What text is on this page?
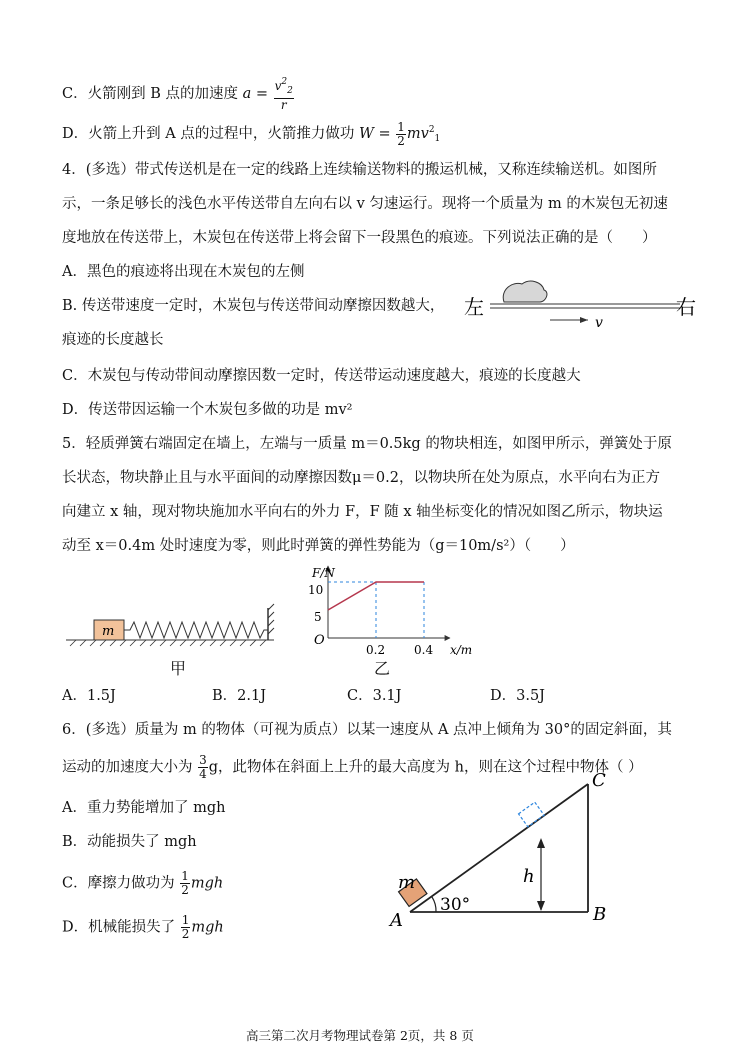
C．火箭刚到 B 点的加速度 $a = \frac{v^2_2}{r}$
D．火箭上升到 A 点的过程中，火箭推力做功 $W = \frac{1}{2} mv^2_1$
4．(多选）带式传送机是在一定的线路上连续输送物料的搬运机械，又称连续输送机。如图所
示，一条足够长的浅色水平传送带自左向右以 v 匀速运行。现将一个质量为 m 的木炭包无初速
度地放在传送带上，木炭包在传送带上将会留下一段黑色的痕迹。下列说法正确的是（　　）
A．黑色的痕迹将出现在木炭包的左侧
B. 传送带速度一定时，木炭包与传送带间动摩擦因数越大，
痕迹的长度越长
C．木炭包与传动带间动摩擦因数一定时，传送带运动速度越大，痕迹的长度越大
D．传送带因运输一个木炭包多做的功是 mv²
左	右
v
5．轻质弹簧右端固定在墙上，左端与一质量 m＝0.5kg 的物块相连，如图甲所示，弹簧处于原
长状态，物块静止且与水平面间的动摩擦因数μ＝0.2，以物块所在处为原点，水平向右为正方
向建立 x 轴，现对物块施加水平向右的外力 F，F 随 x 轴坐标变化的情况如图乙所示，物块运
动至 x＝0.4m 处时速度为零，则此时弹簧的弹性势能为（g＝10m/s²）（　　）
m
甲
F/N
x/m
O
10
5
0.2 0.4
乙
A．1.5J	B．2.1J	C．3.1J	D．3.5J
6．(多选）质量为 m 的物体（可视为质点）以某一速度从 A 点冲上倾角为 30°的固定斜面，其
运动的加速度大小为 $\frac{3}{4}$ g，此物体在斜面上上升的最大高度为 h，则在这个过程中物体（ ）
A．重力势能增加了 mgh
B．动能损失了 mgh
C．摩擦力做功为 $\frac{1}{2}$ mgh
D．机械能损失了 $\frac{1}{2}$ mgh
m
A	B
C
h
30°
高三第二次月考物理试卷第 2页，共 8 页
